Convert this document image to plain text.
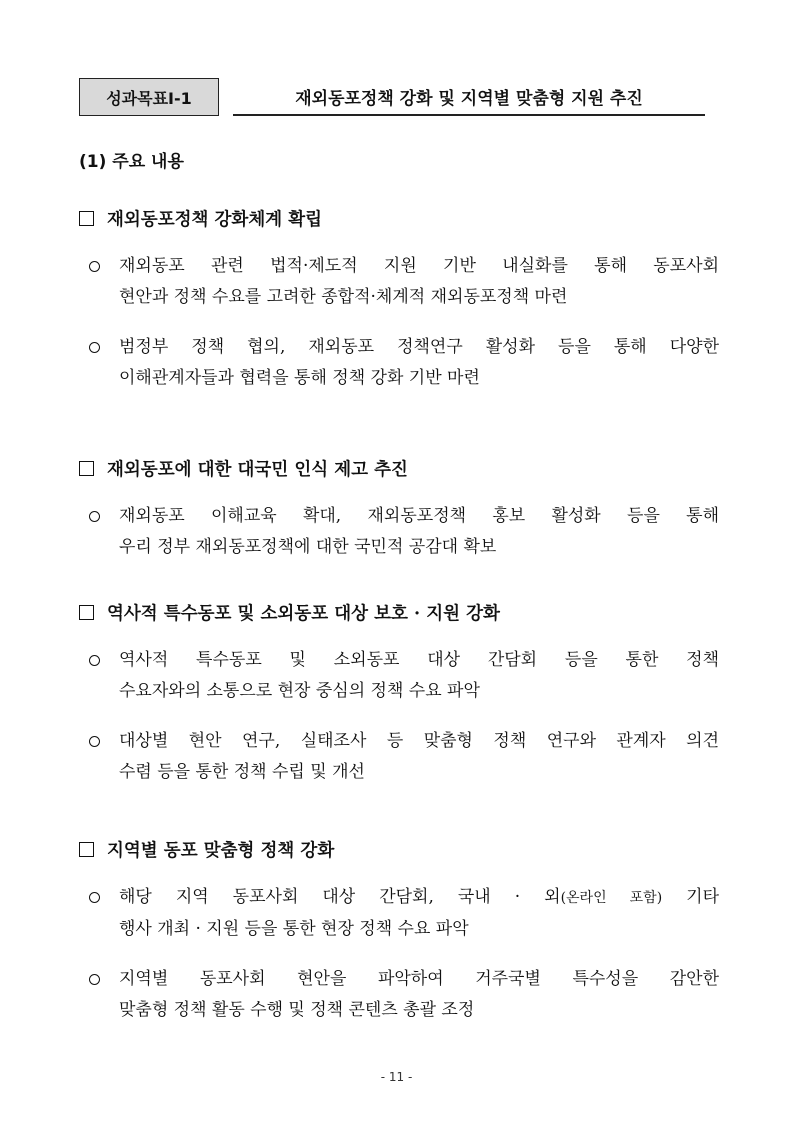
성과목표Ⅰ-1	재외동포정책 강화 및 지역별 맞춤형 지원 추진
(1) 주요 내용
재외동포정책 강화체계 확립
재외동포 관련 법적·제도적 지원 기반 내실화를 통해 동포사회
현안과 정책 수요를 고려한 종합적·체계적 재외동포정책 마련
범정부 정책 협의, 재외동포 정책연구 활성화 등을 통해 다양한
이해관계자들과 협력을 통해 정책 강화 기반 마련
재외동포에 대한 대국민 인식 제고 추진
재외동포 이해교육 확대, 재외동포정책 홍보 활성화 등을 통해
우리 정부 재외동포정책에 대한 국민적 공감대 확보
역사적 특수동포 및 소외동포 대상 보호 · 지원 강화
역사적 특수동포 및 소외동포 대상 간담회 등을 통한 정책
수요자와의 소통으로 현장 중심의 정책 수요 파악
대상별 현안 연구, 실태조사 등 맞춤형 정책 연구와 관계자 의견
수렴 등을 통한 정책 수립 및 개선
지역별 동포 맞춤형 정책 강화
해당 지역 동포사회 대상 간담회, 국내 · 외(온라인 포함) 기타
행사 개최 · 지원 등을 통한 현장 정책 수요 파악
지역별 동포사회 현안을 파악하여 거주국별 특수성을 감안한
맞춤형 정책 활동 수행 및 정책 콘텐츠 총괄 조정
- 11 -
